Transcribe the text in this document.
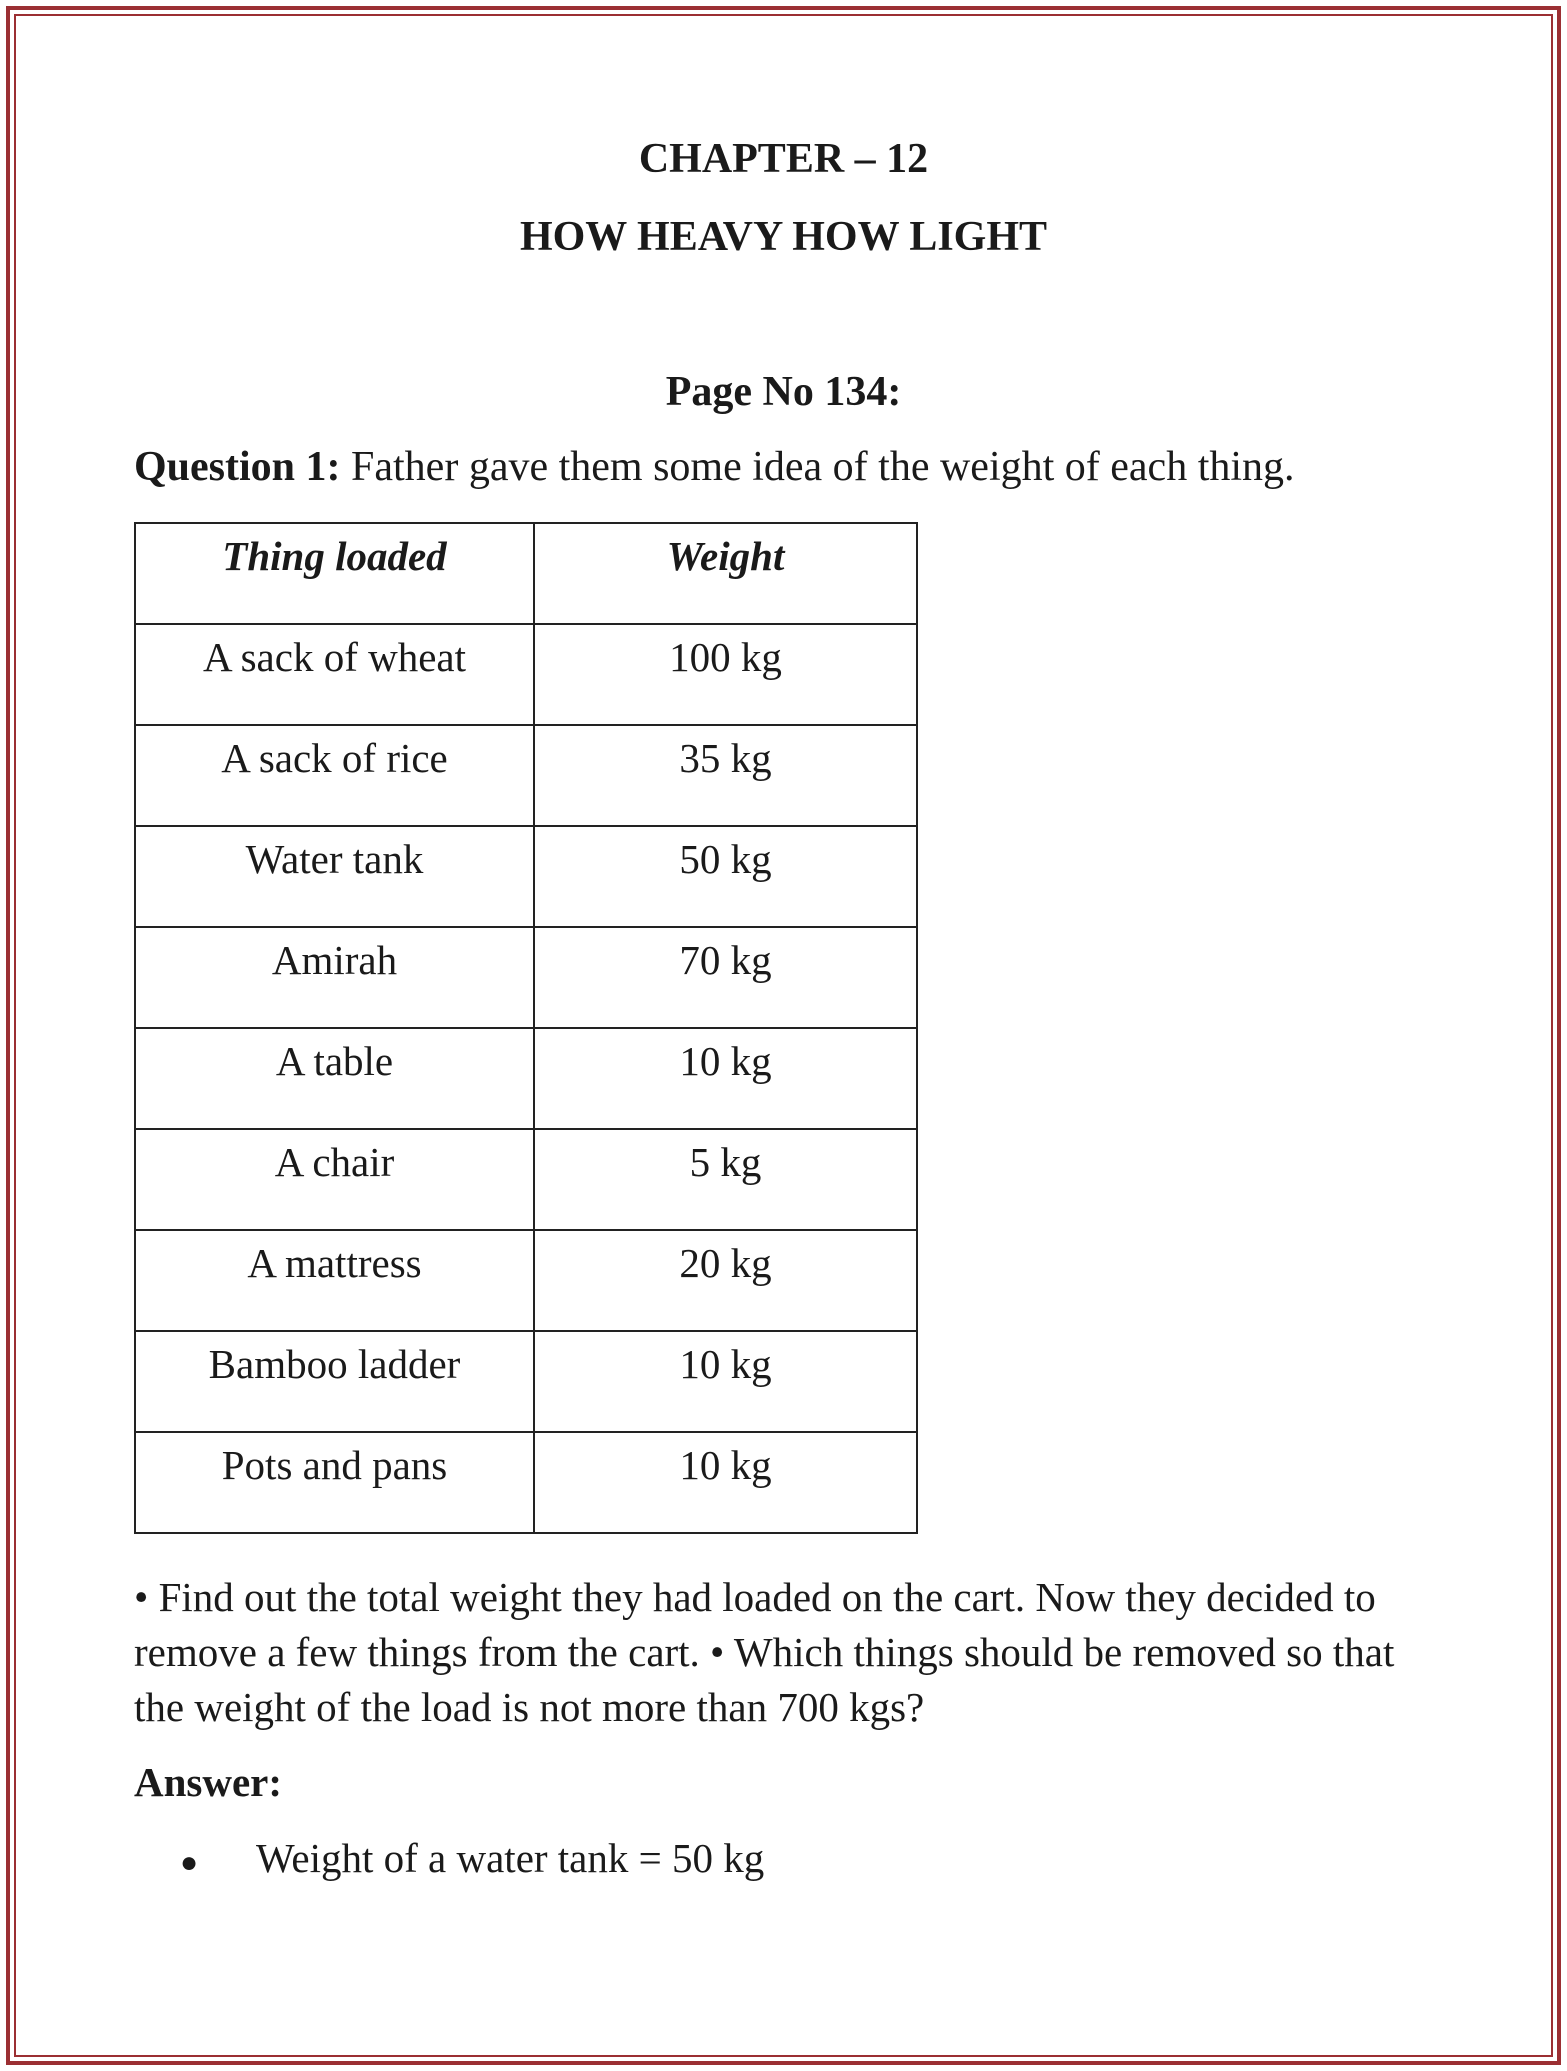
CHAPTER – 12
HOW HEAVY HOW LIGHT
Page No 134:
Question 1: Father gave them some idea of the weight of each thing.
Thing loaded	Weight
A sack of wheat	100 kg
A sack of rice	35 kg
Water tank	50 kg
Amirah	70 kg
A table	10 kg
A chair	5 kg
A mattress	20 kg
Bamboo ladder	10 kg
Pots and pans	10 kg
• Find out the total weight they had loaded on the cart. Now they decided to remove a few things from the cart. • Which things should be removed so that the weight of the load is not more than 700 kgs?
Answer:
● Weight of a water tank = 50 kg
